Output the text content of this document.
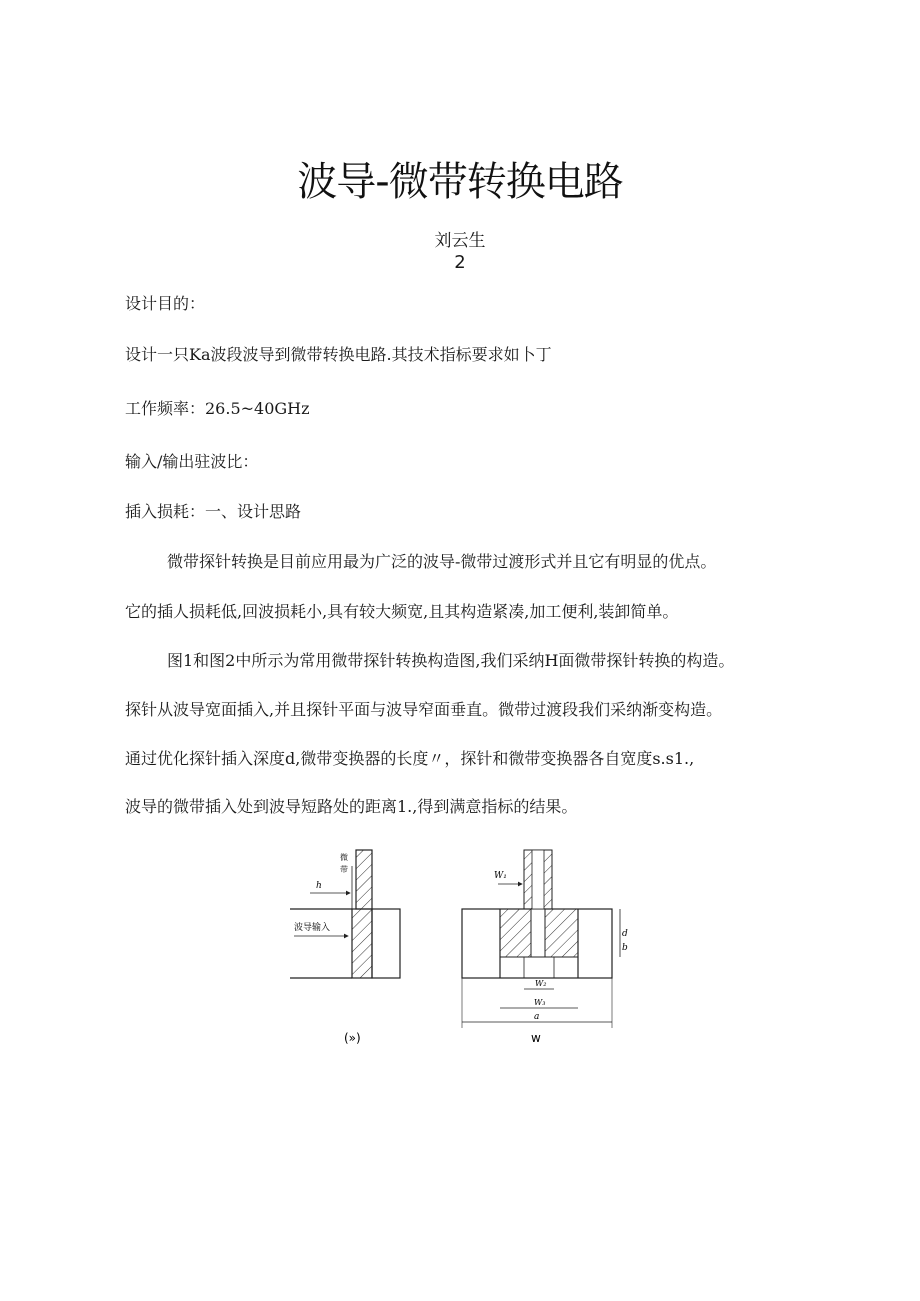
波导-微带转换电路
刘云生
2
设计目的：
设计一只Ka波段波导到微带转换电路.其技术指标要求如卜丁
工作频率：26.5~40GHz
输入/输出驻波比：
插入损耗：一、设计思路
微带探针转换是目前应用最为广泛的波导-微带过渡形式并且它有明显的优点。
它的插人损耗低,回波损耗小,具有较大频宽,且其构造紧凑,加工便利,装卸简单。
图1和图2中所示为常用微带探针转换构造图,我们采纳H面微带探针转换的构造。
探针从波导宽面插入,并且探针平面与波导窄面垂直。微带过渡段我们采纳渐变构造。
通过优化探针插入深度d,微带变换器的长度〃，探针和微带变换器各自宽度s.s1.,
波导的微带插入处到波导短路处的距离1.,得到满意指标的结果。
h
微
带
波导输入
(»)
W₁
W₂
W₃
a
d
b
w
